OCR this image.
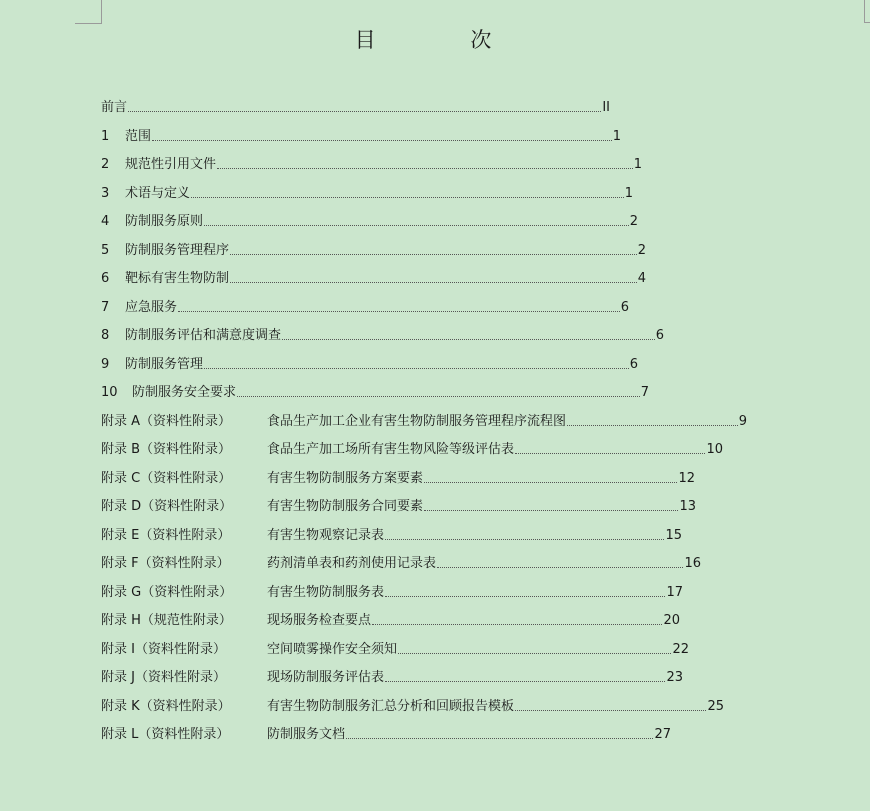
目 次
前言	II
1	范围	1
2	规范性引用文件	1
3	术语与定义	1
4	防制服务原则	2
5	防制服务管理程序	2
6	靶标有害生物防制	4
7	应急服务	6
8	防制服务评估和满意度调查	6
9	防制服务管理	6
10	防制服务安全要求	7
附录 A（资料性附录）	食品生产加工企业有害生物防制服务管理程序流程图	9
附录 B（资料性附录）	食品生产加工场所有害生物风险等级评估表	10
附录 C（资料性附录）	有害生物防制服务方案要素	12
附录 D（资料性附录）	有害生物防制服务合同要素	13
附录 E（资料性附录）	有害生物观察记录表	15
附录 F（资料性附录）	药剂清单表和药剂使用记录表	16
附录 G（资料性附录）	有害生物防制服务表	17
附录 H（规范性附录）	现场服务检查要点	20
附录 I（资料性附录）	空间喷雾操作安全须知	22
附录 J（资料性附录）	现场防制服务评估表	23
附录 K（资料性附录）	有害生物防制服务汇总分析和回顾报告模板	25
附录 L（资料性附录）	防制服务文档	27
